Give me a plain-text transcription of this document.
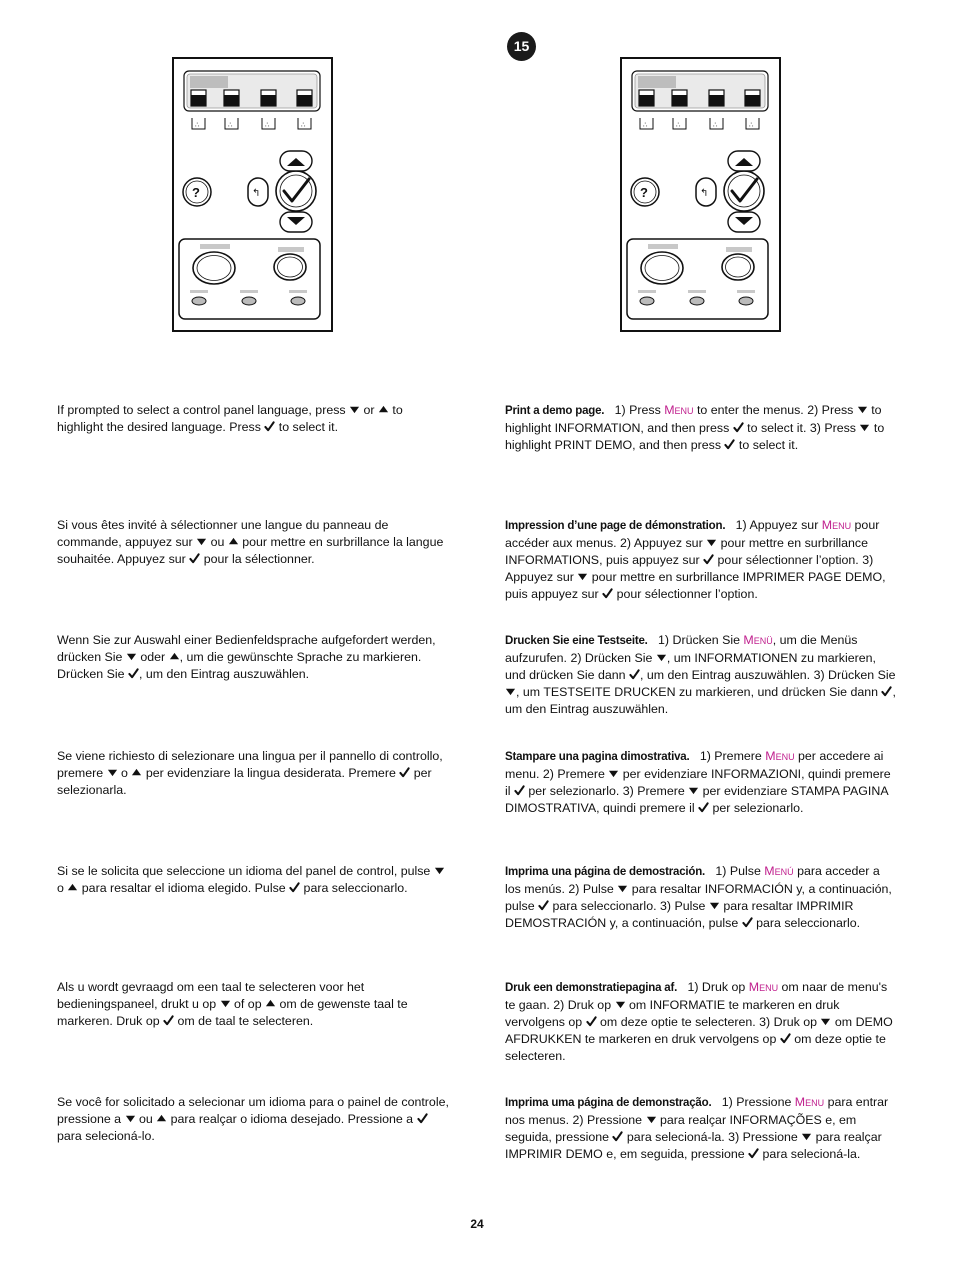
15
∴	∴	∴	∴
?	↰
∴	∴	∴	∴
?	↰

If prompted to select a control panel language, press  or  to highlight the desired language. Press  to select it.

Si vous êtes invité à sélectionner une langue du panneau de commande, appuyez sur  ou  pour mettre en surbrillance la langue souhaitée. Appuyez sur  pour la sélectionner.

Wenn Sie zur Auswahl einer Bedienfeldsprache aufgefordert werden, drücken Sie  oder , um die gewünschte Sprache zu markieren. Drücken Sie , um den Eintrag auszuwählen.

Se viene richiesto di selezionare una lingua per il pannello di controllo, premere  o  per evidenziare la lingua desiderata. Premere  per selezionarla.

Si se le solicita que seleccione un idioma del panel de control, pulse  o  para resaltar el idioma elegido. Pulse  para seleccionarlo.

Als u wordt gevraagd om een taal te selecteren voor het bedieningspaneel, drukt u op  of op  om de gewenste taal te markeren. Druk op  om de taal te selecteren.

Se você for solicitado a selecionar um idioma para o painel de controle, pressione a  ou  para realçar o idioma desejado. Pressione a  para selecioná-lo.

Print a demo page. 1) Press Menu to enter the menus. 2) Press  to highlight INFORMATION, and then press  to select it. 3) Press  to highlight PRINT DEMO, and then press  to select it.

Impression d’une page de démonstration. 1) Appuyez sur Menu pour accéder aux menus. 2) Appuyez sur  pour mettre en surbrillance INFORMATIONS, puis appuyez sur  pour sélectionner l’option. 3) Appuyez sur  pour mettre en surbrillance IMPRIMER PAGE DEMO, puis appuyez sur  pour sélectionner l’option.

Drucken Sie eine Testseite. 1) Drücken Sie Menü, um die Menüs aufzurufen. 2) Drücken Sie , um INFORMATIONEN zu markieren, und drücken Sie dann , um den Eintrag auszuwählen. 3) Drücken Sie , um TESTSEITE DRUCKEN zu markieren, und drücken Sie dann , um den Eintrag auszuwählen.

Stampare una pagina dimostrativa. 1) Premere Menu per accedere ai menu. 2) Premere  per evidenziare INFORMAZIONI, quindi premere il  per selezionarlo. 3) Premere  per evidenziare STAMPA PAGINA DIMOSTRATIVA, quindi premere il  per selezionarlo.

Imprima una página de demostración. 1) Pulse Menú para acceder a los menús. 2) Pulse  para resaltar INFORMACIÓN y, a continuación, pulse  para seleccionarlo. 3) Pulse  para resaltar IMPRIMIR DEMOSTRACIÓN y, a continuación, pulse  para seleccionarlo.

Druk een demonstratiepagina af. 1) Druk op Menu om naar de menu's te gaan. 2) Druk op  om INFORMATIE te markeren en druk vervolgens op  om deze optie te selecteren. 3) Druk op  om DEMO AFDRUKKEN te markeren en druk vervolgens op  om deze optie te selecteren.

Imprima uma página de demonstração. 1) Pressione Menu para entrar nos menus. 2) Pressione  para realçar INFORMAÇÕES e, em seguida, pressione  para selecioná-la. 3) Pressione  para realçar IMPRIMIR DEMO e, em seguida, pressione  para selecioná-la.

24
